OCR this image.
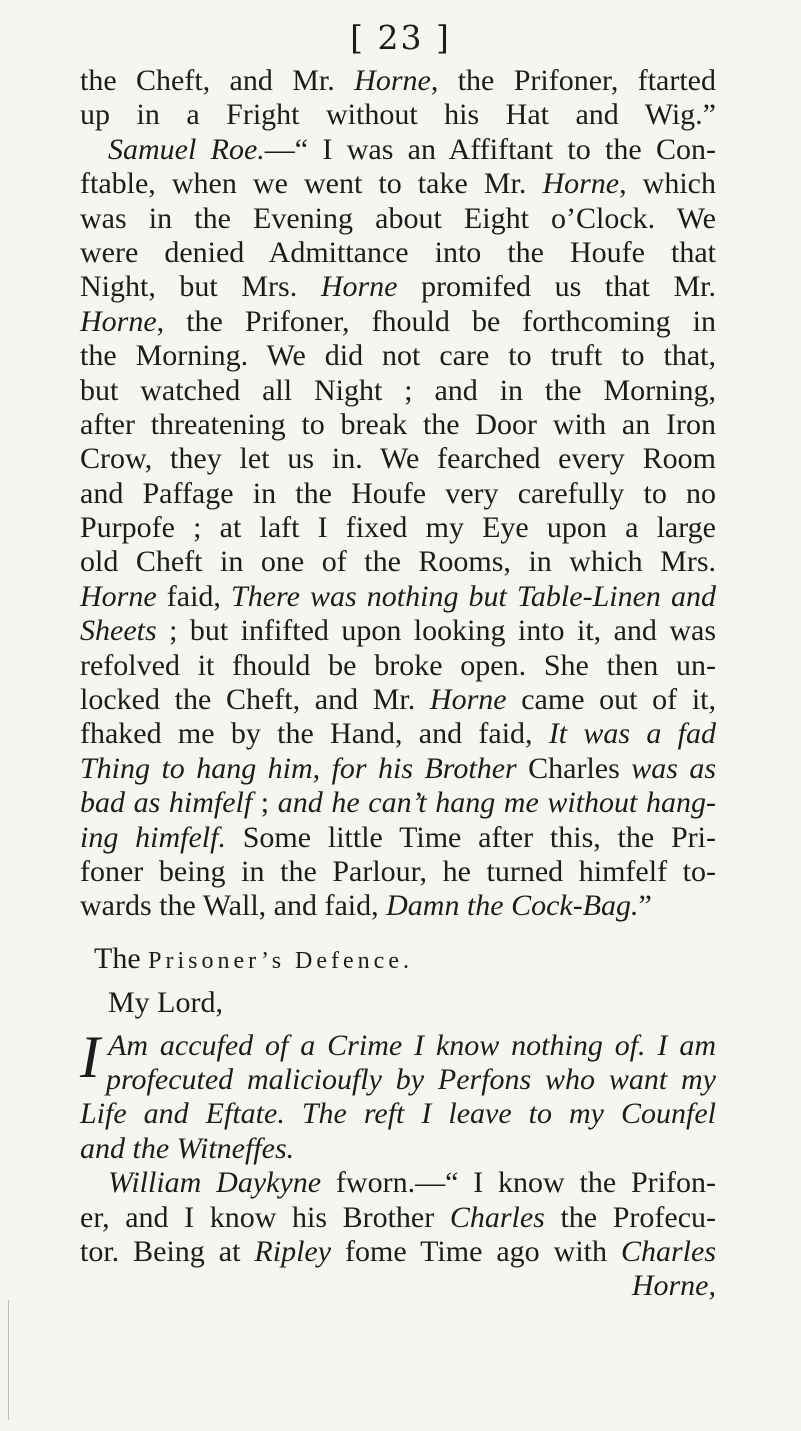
[ 23 ]
the Cheft, and Mr. Horne, the Prifoner, ftarted
up in a Fright without his Hat and Wig.”
Samuel Roe.—“ I was an Affiftant to the Con-
ftable, when we went to take Mr. Horne, which
was in the Evening about Eight o’Clock. We
were denied Admittance into the Houfe that
Night, but Mrs. Horne promifed us that Mr.
Horne, the Prifoner, fhould be forthcoming in
the Morning. We did not care to truft to that,
but watched all Night ; and in the Morning,
after threatening to break the Door with an Iron
Crow, they let us in. We fearched every Room
and Paffage in the Houfe very carefully to no
Purpofe ; at laft I fixed my Eye upon a large
old Cheft in one of the Rooms, in which Mrs.
Horne faid, There was nothing but Table-Linen and
Sheets ; but infifted upon looking into it, and was
refolved it fhould be broke open. She then un-
locked the Cheft, and Mr. Horne came out of it,
fhaked me by the Hand, and faid, It was a fad
Thing to hang him, for his Brother Charles was as
bad as himfelf ; and he can’t hang me without hang-
ing himfelf. Some little Time after this, the Pri-
foner being in the Parlour, he turned himfelf to-
wards the Wall, and faid, Damn the Cock-Bag.”
The Prisoner’s Defence.
My Lord,
I Am accufed of a Crime I know nothing of. I am
profecuted malicioufly by Perfons who want my
Life and Eftate. The reft I leave to my Counfel
and the Witneffes.
William Daykyne fworn.—“ I know the Prifon-
er, and I know his Brother Charles the Profecu-
tor. Being at Ripley fome Time ago with Charles
Horne,
